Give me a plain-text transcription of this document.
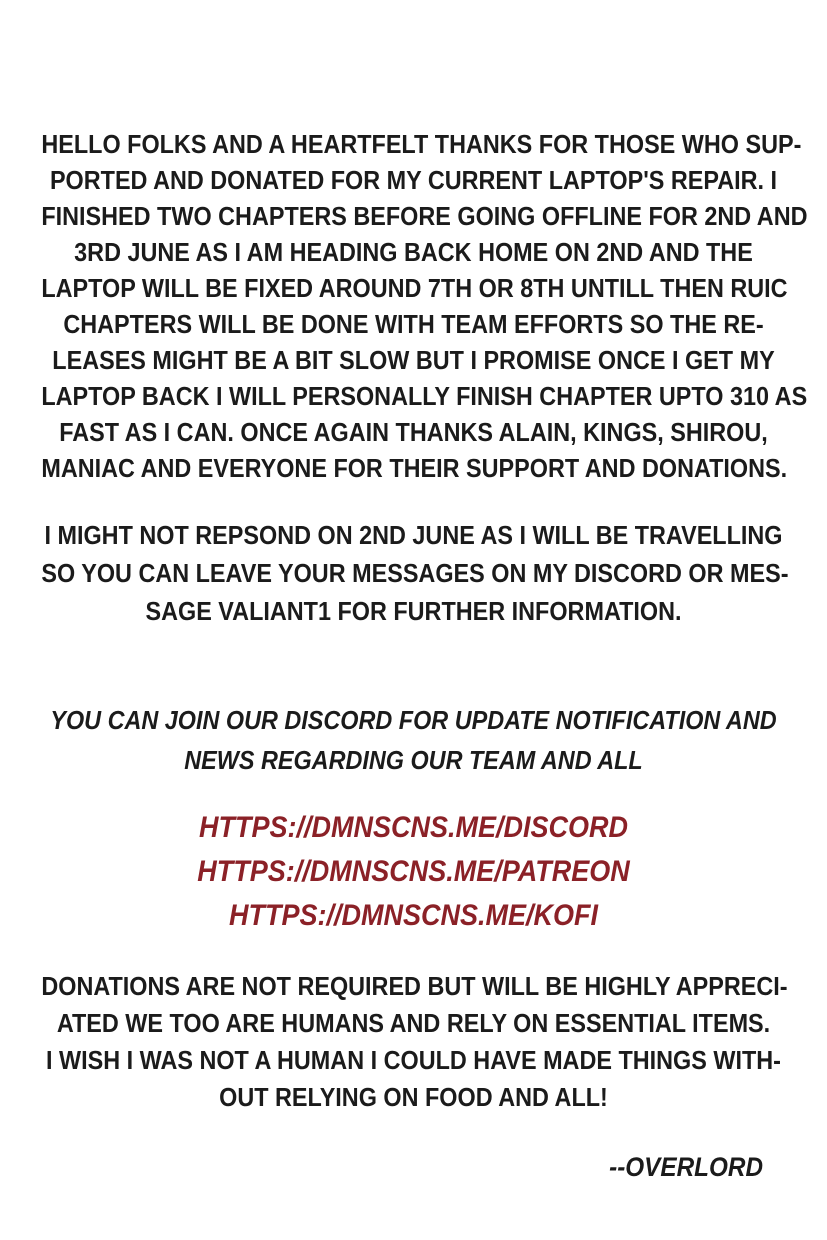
HELLO FOLKS AND A HEARTFELT THANKS FOR THOSE WHO SUP-
PORTED AND DONATED FOR MY CURRENT LAPTOP'S REPAIR. I
FINISHED TWO CHAPTERS BEFORE GOING OFFLINE FOR 2ND AND
3RD JUNE AS I AM HEADING BACK HOME ON 2ND AND THE
LAPTOP WILL BE FIXED AROUND 7TH OR 8TH UNTILL THEN RUIC
CHAPTERS WILL BE DONE WITH TEAM EFFORTS SO THE RE-
LEASES MIGHT BE A BIT SLOW BUT I PROMISE ONCE I GET MY
LAPTOP BACK I WILL PERSONALLY FINISH CHAPTER UPTO 310 AS
FAST AS I CAN. ONCE AGAIN THANKS ALAIN, KINGS, SHIROU,
MANIAC AND EVERYONE FOR THEIR SUPPORT AND DONATIONS.
I MIGHT NOT REPSOND ON 2ND JUNE AS I WILL BE TRAVELLING
SO YOU CAN LEAVE YOUR MESSAGES ON MY DISCORD OR MES-
SAGE VALIANT1 FOR FURTHER INFORMATION.
YOU CAN JOIN OUR DISCORD FOR UPDATE NOTIFICATION AND
NEWS REGARDING OUR TEAM AND ALL
HTTPS://DMNSCNS.ME/DISCORD
HTTPS://DMNSCNS.ME/PATREON
HTTPS://DMNSCNS.ME/KOFI
DONATIONS ARE NOT REQUIRED BUT WILL BE HIGHLY APPRECI-
ATED WE TOO ARE HUMANS AND RELY ON ESSENTIAL ITEMS.
I WISH I WAS NOT A HUMAN I COULD HAVE MADE THINGS WITH-
OUT RELYING ON FOOD AND ALL!
--OVERLORD
